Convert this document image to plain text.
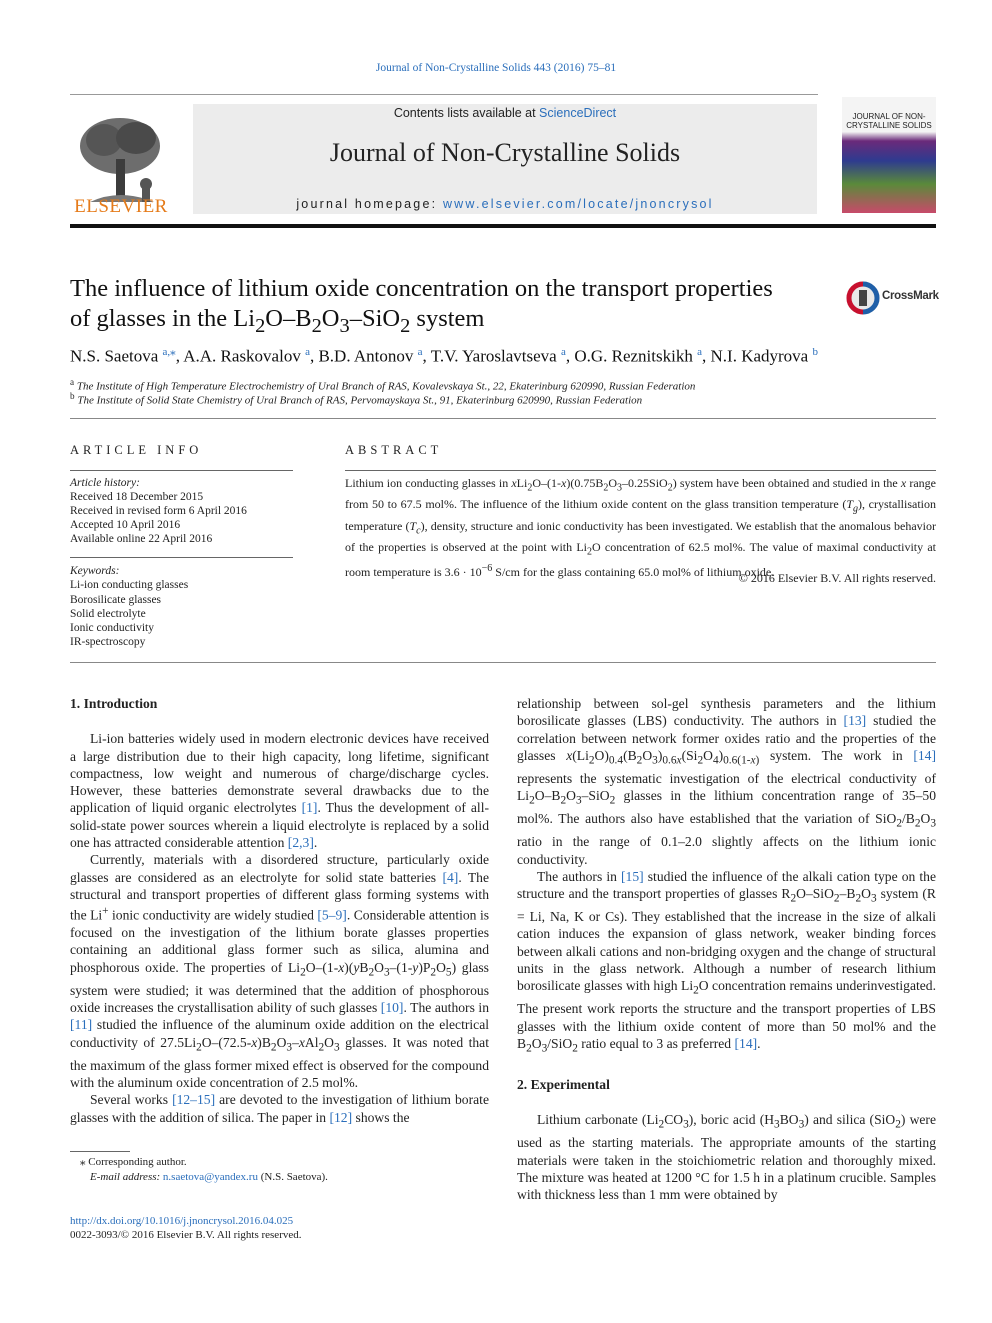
Journal of Non-Crystalline Solids 443 (2016) 75–81
ELSEVIER
Contents lists available at ScienceDirect
Journal of Non-Crystalline Solids
journal homepage: www.elsevier.com/locate/jnoncrysol
JOURNAL OF NON-CRYSTALLINE SOLIDS
The influence of lithium oxide concentration on the transport properties
of glasses in the $Li_2O-B_2O_3-SiO_2$ system
CrossMark
N.S. Saetova $^{a,⁎}$, A.A. Raskovalov $^a$, B.D. Antonov $^a$, T.V. Yaroslavtseva $^a$, O.G. Reznitskikh $^a$, N.I. Kadyrova $^b$
$^a$ The Institute of High Temperature Electrochemistry of Ural Branch of RAS, Kovalevskaya St., 22, Ekaterinburg 620990, Russian Federation
$^b$ The Institute of Solid State Chemistry of Ural Branch of RAS, Pervomayskaya St., 91, Ekaterinburg 620990, Russian Federation
ARTICLE INFO	ABSTRACT
Article history:
Received 18 December 2015
Received in revised form 6 April 2016
Accepted 10 April 2016
Available online 22 April 2016
Keywords:
Li-ion conducting glasses
Borosilicate glasses
Solid electrolyte
Ionic conductivity
IR-spectroscopy
Lithium ion conducting glasses in $xLi_2O-(1-x)(0.75B_2O_3-0.25SiO_2)$ system have been obtained and studied in the x range from 50 to 67.5 mol%. The influence of the lithium oxide content on the glass transition temperature $(T_g)$, crystallisation temperature $(T_c)$, density, structure and ionic conductivity has been investigated. We establish that the anomalous behavior of the properties is observed at the point with $Li_2O$ concentration of 62.5 mol%. The value of maximal conductivity at room temperature is $3.6 \cdot 10^{-6}$ S/cm for the glass containing 65.0 mol% of lithium oxide.
© 2016 Elsevier B.V. All rights reserved.
1. Introduction

Li-ion batteries widely used in modern electronic devices have received a large distribution due to their high capacity, long lifetime, significant compactness, low weight and numerous of charge/discharge cycles. However, these batteries demonstrate several drawbacks due to the application of liquid organic electrolytes [1]. Thus the development of all-solid-state power sources wherein a liquid electrolyte is replaced by a solid one has attracted considerable attention [2,3].

Currently, materials with a disordered structure, particularly oxide glasses are considered as an electrolyte for solid state batteries [4]. The structural and transport properties of different glass forming systems with the Li+ ionic conductivity are widely studied [5–9]. Considerable attention is focused on the investigation of the lithium borate glasses properties containing an additional glass former such as silica, alumina and phosphorous oxide. The properties of $Li_2O-(1-x)(yB_2O_3-(1-y)P_2O_5)$ glass system were studied; it was determined that the addition of phosphorous oxide increases the crystallisation ability of such glasses [10]. The authors in [11] studied the influence of the aluminum oxide addition on the electrical conductivity of $27.5Li_2O-(72.5-x)B_2O_3-xAl_2O_3$ glasses. It was noted that the maximum of the glass former mixed effect is observed for the compound with the aluminum oxide concentration of 2.5 mol%.

Several works [12–15] are devoted to the investigation of lithium borate glasses with the addition of silica. The paper in [12] shows the

⁎ Corresponding author.
E-mail address: n.saetova@yandex.ru (N.S. Saetova).
http://dx.doi.org/10.1016/j.jnoncrysol.2016.04.025
0022-3093/© 2016 Elsevier B.V. All rights reserved.

relationship between sol-gel synthesis parameters and the lithium borosilicate glasses (LBS) conductivity. The authors in [13] studied the correlation between network former oxides ratio and the properties of the glasses $x(Li_2O)_{0.4}(B_2O_3)_{0.6x}(Si_2O_4)_{0.6(1-x)}$ system. The work in [14] represents the systematic investigation of the electrical conductivity of $Li_2O-B_2O_3-SiO_2$ glasses in the lithium concentration range of 35–50 mol%. The authors also have established that the variation of $SiO_2/B_2O_3$ ratio in the range of 0.1–2.0 slightly affects on the lithium ionic conductivity.

The authors in [15] studied the influence of the alkali cation type on the structure and the transport properties of glasses $R_2O-SiO_2-B_2O_3$ system (R = Li, Na, K or Cs). They established that the increase in the size of alkali cation induces the expansion of glass network, weaker binding forces between alkali cations and non-bridging oxygen and the change of structural units in the glass network. Although a number of research lithium borosilicate glasses with high $Li_2O$ concentration remains underinvestigated. The present work reports the structure and the transport properties of LBS glasses with the lithium oxide content of more than 50 mol% and the $B_2O_3/SiO_2$ ratio equal to 3 as preferred [14].

2. Experimental

Lithium carbonate $(Li_2CO_3)$, boric acid $(H_3BO_3)$ and silica (SiO$_2$) were used as the starting materials. The appropriate amounts of the starting materials were taken in the stoichiometric relation and thoroughly mixed. The mixture was heated at 1200 °C for 1.5 h in a platinum crucible. Samples with thickness less than 1 mm were obtained by
